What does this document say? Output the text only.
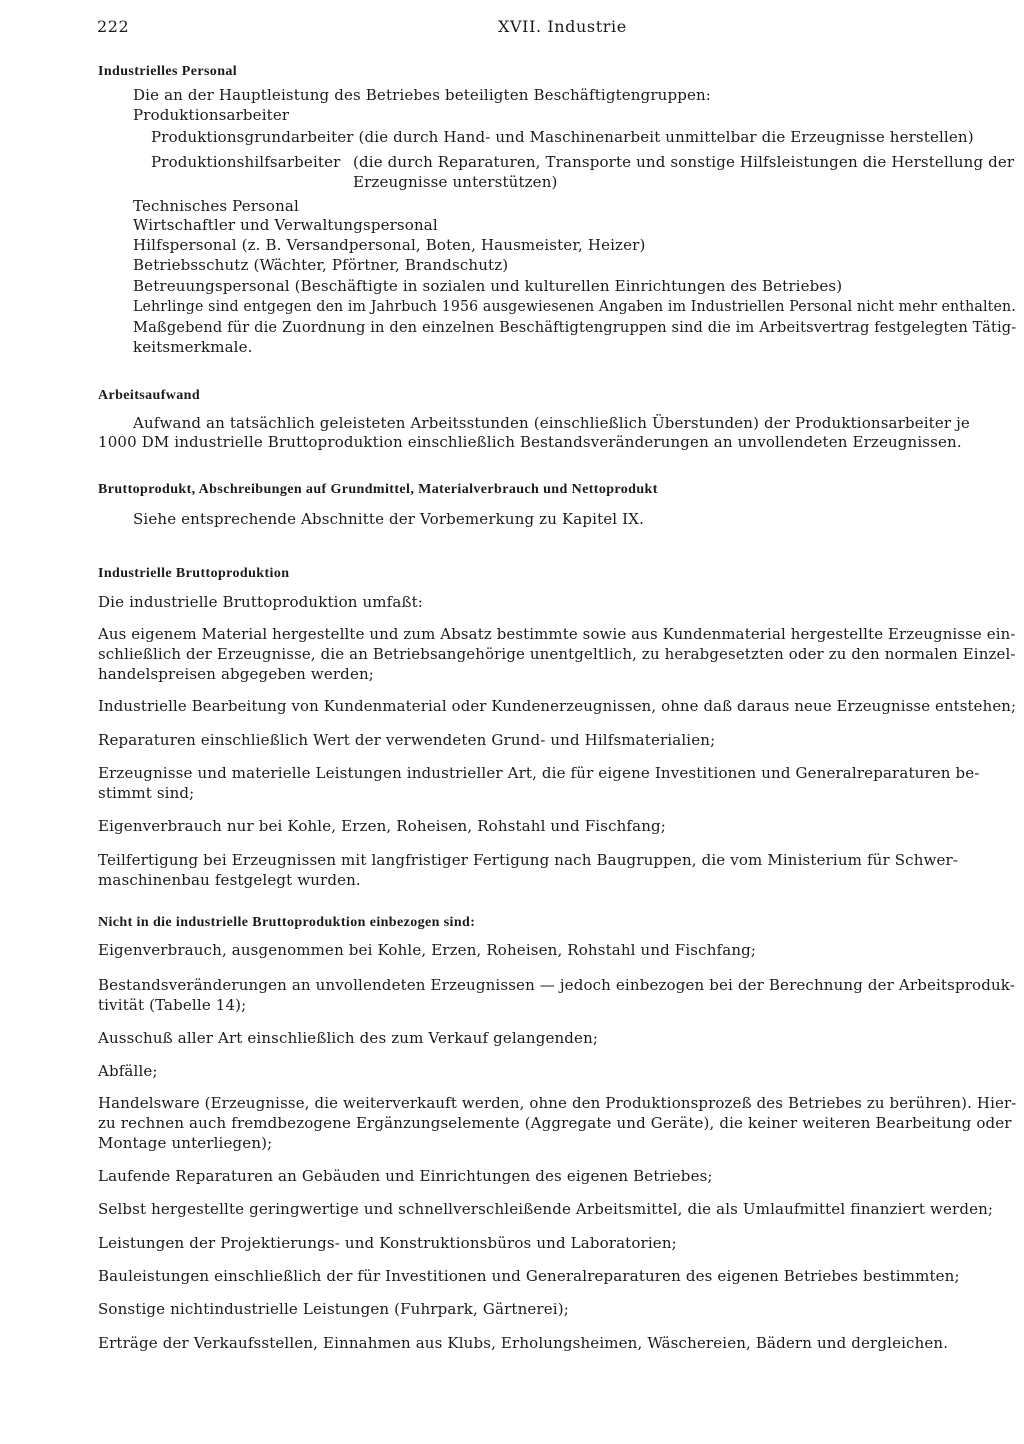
222	XVII. Industrie
Industrielles Personal
Die an der Hauptleistung des Betriebes beteiligten Beschäftigtengruppen:
Produktionsarbeiter
Produktionsgrundarbeiter (die durch Hand- und Maschinenarbeit unmittelbar die Erzeugnisse herstellen)
Produktionshilfsarbeiter (die durch Reparaturen, Transporte und sonstige Hilfsleistungen die Herstellung der
Erzeugnisse unterstützen)
Technisches Personal
Wirtschaftler und Verwaltungspersonal
Hilfspersonal (z. B. Versandpersonal, Boten, Hausmeister, Heizer)
Betriebsschutz (Wächter, Pförtner, Brandschutz)
Betreuungspersonal (Beschäftigte in sozialen und kulturellen Einrichtungen des Betriebes)
Lehrlinge sind entgegen den im Jahrbuch 1956 ausgewiesenen Angaben im Industriellen Personal nicht mehr enthalten.
Maßgebend für die Zuordnung in den einzelnen Beschäftigtengruppen sind die im Arbeitsvertrag festgelegten Tätig-
keitsmerkmale.
Arbeitsaufwand
Aufwand an tatsächlich geleisteten Arbeitsstunden (einschließlich Überstunden) der Produktionsarbeiter je
1000 DM industrielle Bruttoproduktion einschließlich Bestandsveränderungen an unvollendeten Erzeugnissen.
Bruttoprodukt, Abschreibungen auf Grundmittel, Materialverbrauch und Nettoprodukt
Siehe entsprechende Abschnitte der Vorbemerkung zu Kapitel IX.
Industrielle Bruttoproduktion
Die industrielle Bruttoproduktion umfaßt:
Aus eigenem Material hergestellte und zum Absatz bestimmte sowie aus Kundenmaterial hergestellte Erzeugnisse ein-
schließlich der Erzeugnisse, die an Betriebsangehörige unentgeltlich, zu herabgesetzten oder zu den normalen Einzel-
handelspreisen abgegeben werden;
Industrielle Bearbeitung von Kundenmaterial oder Kundenerzeugnissen, ohne daß daraus neue Erzeugnisse entstehen;
Reparaturen einschließlich Wert der verwendeten Grund- und Hilfsmaterialien;
Erzeugnisse und materielle Leistungen industrieller Art, die für eigene Investitionen und Generalreparaturen be-
stimmt sind;
Eigenverbrauch nur bei Kohle, Erzen, Roheisen, Rohstahl und Fischfang;
Teilfertigung bei Erzeugnissen mit langfristiger Fertigung nach Baugruppen, die vom Ministerium für Schwer-
maschinenbau festgelegt wurden.
Nicht in die industrielle Bruttoproduktion einbezogen sind:
Eigenverbrauch, ausgenommen bei Kohle, Erzen, Roheisen, Rohstahl und Fischfang;
Bestandsveränderungen an unvollendeten Erzeugnissen — jedoch einbezogen bei der Berechnung der Arbeitsproduk-
tivität (Tabelle 14);
Ausschuß aller Art einschließlich des zum Verkauf gelangenden;
Abfälle;
Handelsware (Erzeugnisse, die weiterverkauft werden, ohne den Produktionsprozeß des Betriebes zu berühren). Hier-
zu rechnen auch fremdbezogene Ergänzungselemente (Aggregate und Geräte), die keiner weiteren Bearbeitung oder
Montage unterliegen);
Laufende Reparaturen an Gebäuden und Einrichtungen des eigenen Betriebes;
Selbst hergestellte geringwertige und schnellverschleißende Arbeitsmittel, die als Umlaufmittel finanziert werden;
Leistungen der Projektierungs- und Konstruktionsbüros und Laboratorien;
Bauleistungen einschließlich der für Investitionen und Generalreparaturen des eigenen Betriebes bestimmten;
Sonstige nichtindustrielle Leistungen (Fuhrpark, Gärtnerei);
Erträge der Verkaufsstellen, Einnahmen aus Klubs, Erholungsheimen, Wäschereien, Bädern und dergleichen.
